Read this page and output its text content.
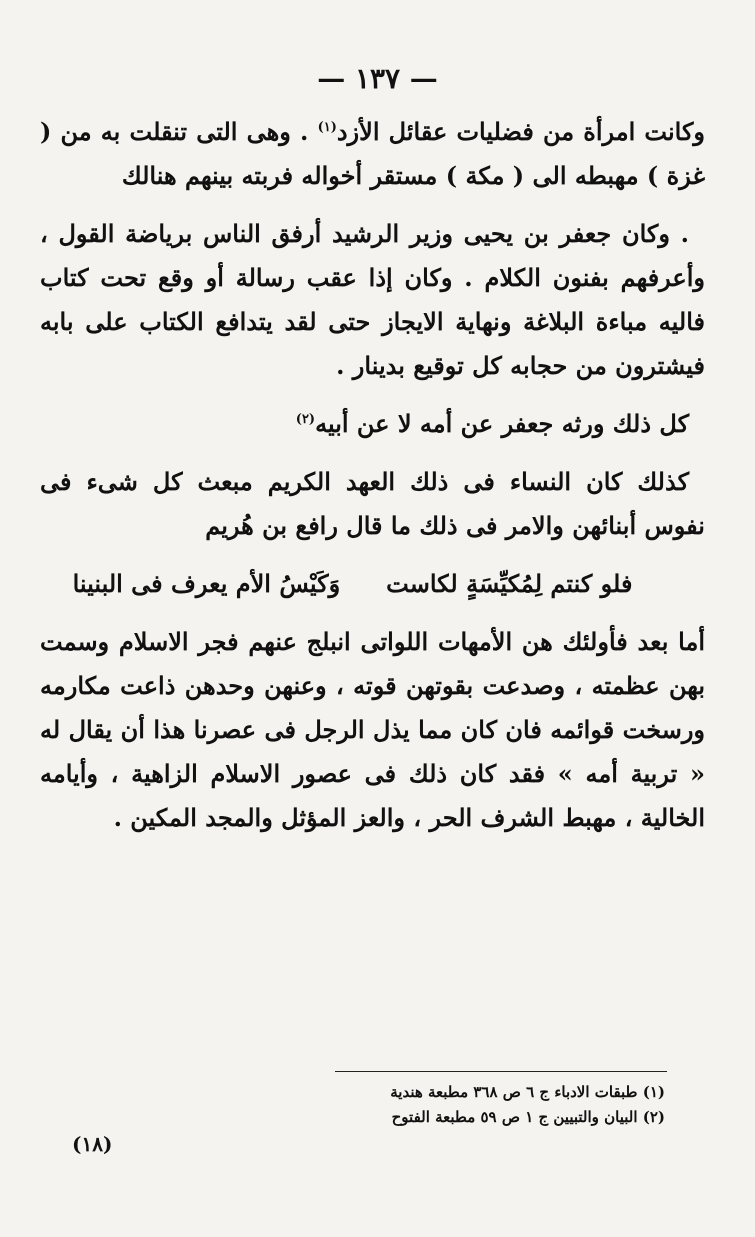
— ١٣٧ —

وكانت امرأة من فضليات عقائل الأزد$^{(١)}$ . وهى التى تنقلت به من ( غزة ) مهبطه الى ( مكة ) مستقر أخواله فربته بينهم هنالك

. وكان جعفر بن يحيى وزير الرشيد أرفق الناس برياضة القول ، وأعرفهم بفنون الكلام . وكان إذا عقب رسالة أو وقع تحت كتاب فاليه مباءة البلاغة ونهاية الايجاز حتى لقد يتدافع الكتاب على بابه فيشترون من حجابه كل توقيع بدينار .

كل ذلك ورثه جعفر عن أمه لا عن أبيه$^{(٢)}$

كذلك كان النساء فى ذلك العهد الكريم مبعث كل شىء فى نفوس أبنائهن والامر فى ذلك ما قال رافع بن هُريم

فلو كنتم لِمُكيِّسَةٍ لكاست
وَكَيْسُ الأم يعرف فى البنينا

أما بعد فأولئك هن الأمهات اللواتى انبلج عنهم فجر الاسلام وسمت بهن عظمته ، وصدعت بقوتهن قوته ، وعنهن وحدهن ذاعت مكارمه ورسخت قوائمه فان كان مما يذل الرجل فى عصرنا هذا أن يقال له « تربية أمه » فقد كان ذلك فى عصور الاسلام الزاهية ، وأيامه الخالية ، مهبط الشرف الحر ، والعز المؤثل والمجد المكين .

(١) طبقات الادباء ج ٦ ص ٣٦٨ مطبعة هندية
(٢) البيان والتبيين ج ١ ص ٥٩ مطبعة الفتوح
(١٨)
